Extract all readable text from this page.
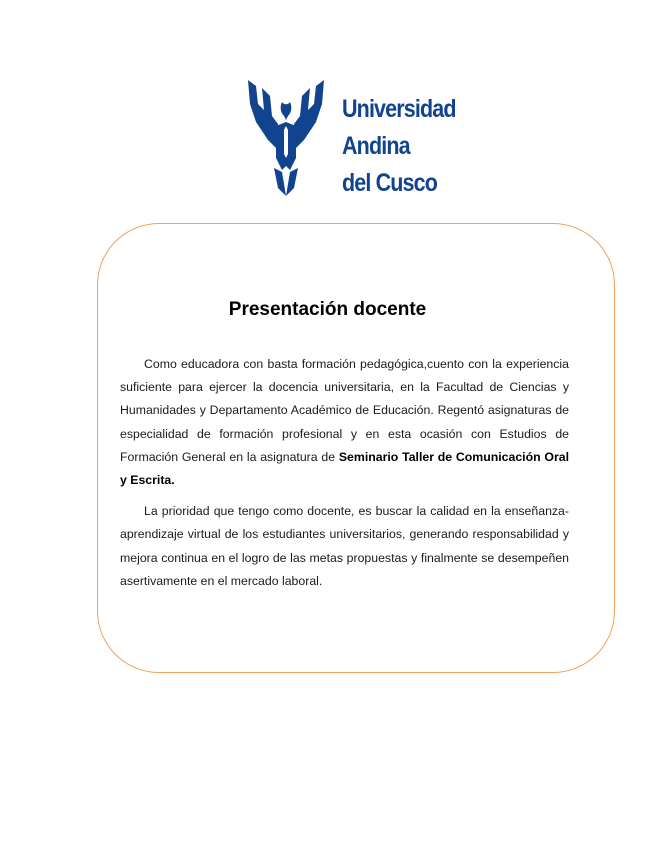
Universidad
Andina
del Cusco
Presentación docente

Como educadora con basta formación pedagógica,cuento con la experiencia suficiente para ejercer la docencia universitaria, en la Facultad de Ciencias y Humanidades y Departamento Académico de Educación. Regentó asignaturas de especialidad de formación profesional y en esta ocasión con Estudios de Formación General en la asignatura de Seminario Taller de Comunicación Oral y Escrita.

La prioridad que tengo como docente, es buscar la calidad en la enseñanza- aprendizaje virtual de los estudiantes universitarios, generando responsabilidad y mejora continua en el logro de las metas propuestas y finalmente se desempeñen asertivamente en el mercado laboral.
